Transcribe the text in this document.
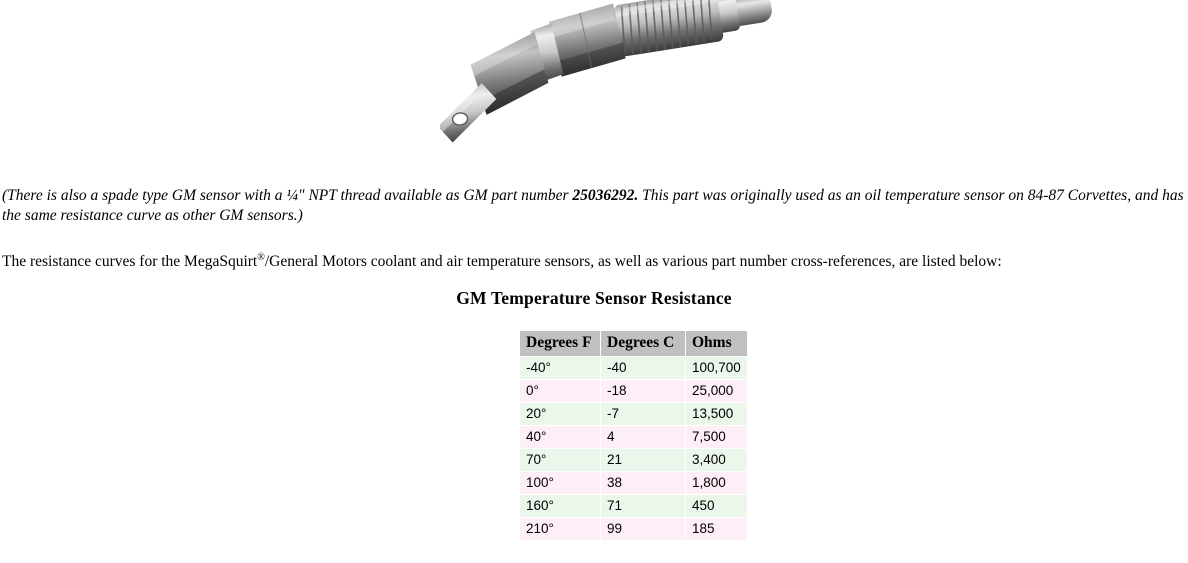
(There is also a spade type GM sensor with a ¼" NPT thread available as GM part number 25036292. This part was originally used as an oil temperature sensor on 84-87 Corvettes, and has the same resistance curve as other GM sensors.)
The resistance curves for the MegaSquirt®/General Motors coolant and air temperature sensors, as well as various part number cross-references, are listed below:
GM Temperature Sensor Resistance
Degrees F	Degrees C	Ohms
-40°	-40	100,700
0°	-18	25,000
20°	-7	13,500
40°	4	7,500
70°	21	3,400
100°	38	1,800
160°	71	450
210°	99	185
